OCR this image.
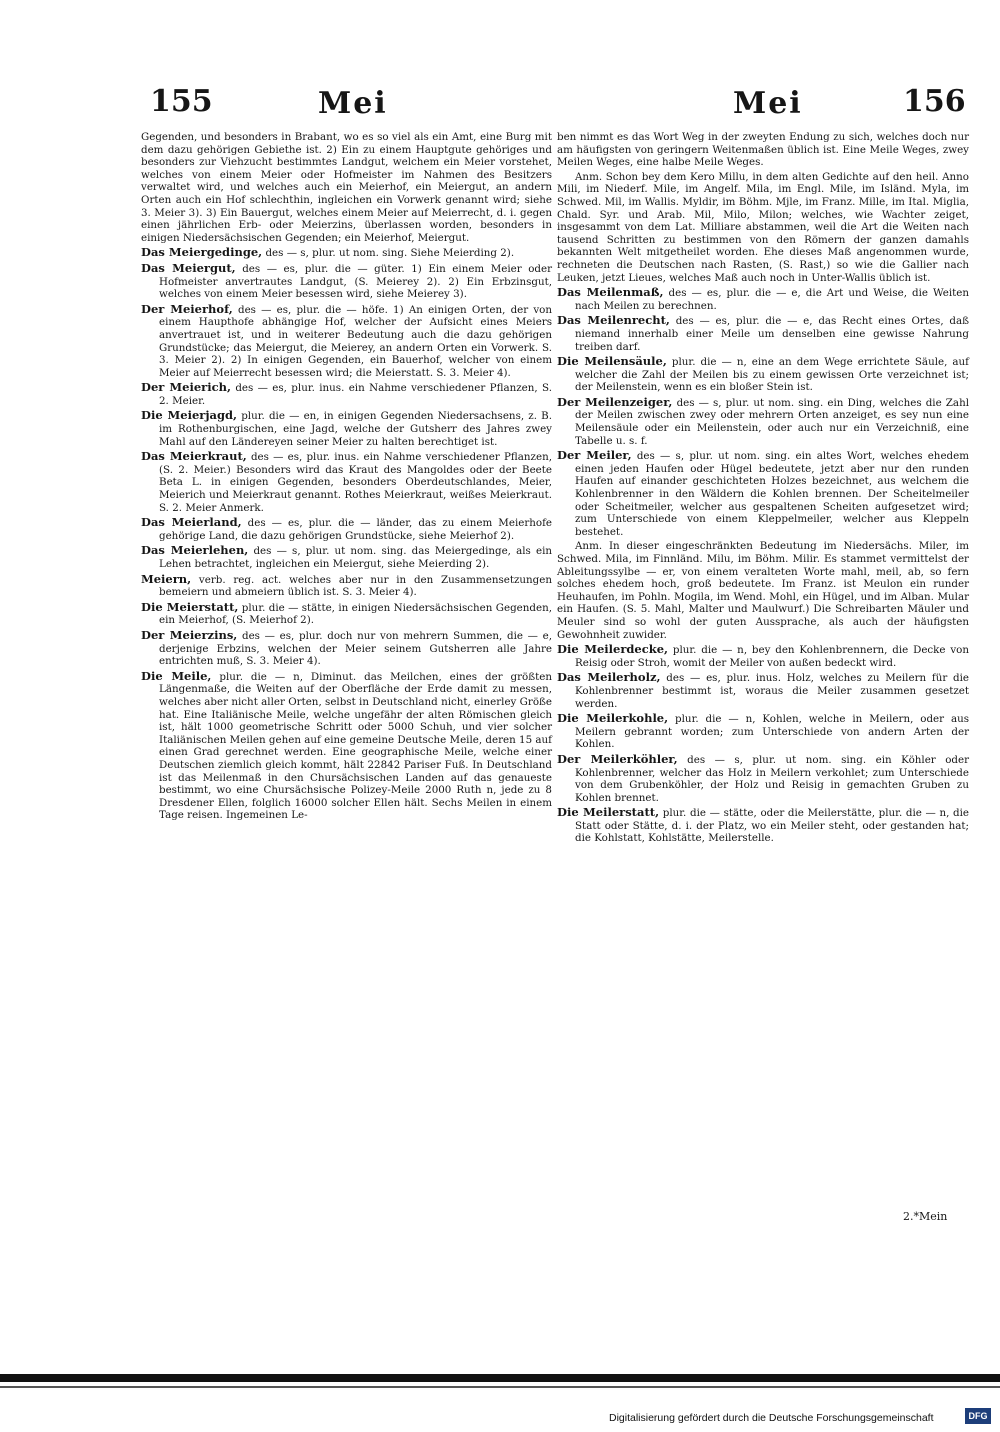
155	Mei	Mei	156

Gegenden, und besonders in Brabant, wo es so viel als ein Amt, eine Burg mit dem dazu gehörigen Gebiethe ist. 2) Ein zu einem Hauptgute gehöriges und besonders zur Viehzucht bestimmtes Landgut, welchem ein Meier vorstehet, welches von einem Meier oder Hofmeister im Nahmen des Besitzers verwaltet wird, und welches auch ein Meierhof, ein Meiergut, an andern Orten auch ein Hof schlechthin, ingleichen ein Vorwerk genannt wird; siehe 3. Meier 3). 3) Ein Bauergut, welches einem Meier auf Meierrecht, d. i. gegen einen jährlichen Erb- oder Meierzins, überlassen worden, besonders in einigen Niedersächsischen Gegenden; ein Meierhof, Meiergut.

Das Meiergedinge, des — s, plur. ut nom. sing. Siehe Meierding 2).

Das Meiergut, des — es, plur. die — güter. 1) Ein einem Meier oder Hofmeister anvertrautes Landgut, (S. Meierey 2). 2) Ein Erbzinsgut, welches von einem Meier besessen wird, siehe Meierey 3).

Der Meierhof, des — es, plur. die — höfe. 1) An einigen Orten, der von einem Haupthofe abhängige Hof, welcher der Aufsicht eines Meiers anvertrauet ist, und in weiterer Bedeutung auch die dazu gehörigen Grundstücke; das Meiergut, die Meierey, an andern Orten ein Vorwerk. S. 3. Meier 2). 2) In einigen Gegenden, ein Bauerhof, welcher von einem Meier auf Meierrecht besessen wird; die Meierstatt. S. 3. Meier 4).

Der Meierich, des — es, plur. inus. ein Nahme verschiedener Pflanzen, S. 2. Meier.

Die Meierjagd, plur. die — en, in einigen Gegenden Niedersachsens, z. B. im Rothenburgischen, eine Jagd, welche der Gutsherr des Jahres zwey Mahl auf den Ländereyen seiner Meier zu halten berechtiget ist.

Das Meierkraut, des — es, plur. inus. ein Nahme verschiedener Pflanzen, (S. 2. Meier.) Besonders wird das Kraut des Mangoldes oder der Beete Beta L. in einigen Gegenden, besonders Oberdeutschlandes, Meier, Meierich und Meierkraut genannt. Rothes Meierkraut, weißes Meierkraut. S. 2. Meier Anmerk.

Das Meierland, des — es, plur. die — länder, das zu einem Meierhofe gehörige Land, die dazu gehörigen Grundstücke, siehe Meierhof 2).

Das Meierlehen, des — s, plur. ut nom. sing. das Meiergedinge, als ein Lehen betrachtet, ingleichen ein Meiergut, siehe Meierding 2).

Meiern, verb. reg. act. welches aber nur in den Zusammensetzungen bemeiern und abmeiern üblich ist. S. 3. Meier 4).

Die Meierstatt, plur. die — stätte, in einigen Niedersächsischen Gegenden, ein Meierhof, (S. Meierhof 2).

Der Meierzins, des — es, plur. doch nur von mehrern Summen, die — e, derjenige Erbzins, welchen der Meier seinem Gutsherren alle Jahre entrichten muß, S. 3. Meier 4).

Die Meile, plur. die — n, Diminut. das Meilchen, eines der größten Längenmaße, die Weiten auf der Oberfläche der Erde damit zu messen, welches aber nicht aller Orten, selbst in Deutschland nicht, einerley Größe hat. Eine Italiänische Meile, welche ungefähr der alten Römischen gleich ist, hält 1000 geometrische Schritt oder 5000 Schuh, und vier solcher Italiänischen Meilen gehen auf eine gemeine Deutsche Meile, deren 15 auf einen Grad gerechnet werden. Eine geographische Meile, welche einer Deutschen ziemlich gleich kommt, hält 22842 Pariser Fuß. In Deutschland ist das Meilenmaß in den Chursächsischen Landen auf das genaueste bestimmt, wo eine Chursächsische Polizey-Meile 2000 Ruth n, jede zu 8 Dresdener Ellen, folglich 16000 solcher Ellen hält. Sechs Meilen in einem Tage reisen. Ingemeinen Le-

ben nimmt es das Wort Weg in der zweyten Endung zu sich, welches doch nur am häufigsten von geringern Weitenmaßen üblich ist. Eine Meile Weges, zwey Meilen Weges, eine halbe Meile Weges.

Anm. Schon bey dem Kero Millu, in dem alten Gedichte auf den heil. Anno Mili, im Niederf. Mile, im Angelf. Mila, im Engl. Mile, im Isländ. Myla, im Schwed. Mil, im Wallis. Myldir, im Böhm. Mjle, im Franz. Mille, im Ital. Miglia, Chald. Syr. und Arab. Mil, Milo, Milon; welches, wie Wachter zeiget, insgesammt von dem Lat. Milliare abstammen, weil die Art die Weiten nach tausend Schritten zu bestimmen von den Römern der ganzen damahls bekannten Welt mitgetheilet worden. Ehe dieses Maß angenommen wurde, rechneten die Deutschen nach Rasten, (S. Rast,) so wie die Gallier nach Leuken, jetzt Lieues, welches Maß auch noch in Unter-Wallis üblich ist.

Das Meilenmaß, des — es, plur. die — e, die Art und Weise, die Weiten nach Meilen zu berechnen.

Das Meilenrecht, des — es, plur. die — e, das Recht eines Ortes, daß niemand innerhalb einer Meile um denselben eine gewisse Nahrung treiben darf.

Die Meilensäule, plur. die — n, eine an dem Wege errichtete Säule, auf welcher die Zahl der Meilen bis zu einem gewissen Orte verzeichnet ist; der Meilenstein, wenn es ein bloßer Stein ist.

Der Meilenzeiger, des — s, plur. ut nom. sing. ein Ding, welches die Zahl der Meilen zwischen zwey oder mehrern Orten anzeiget, es sey nun eine Meilensäule oder ein Meilenstein, oder auch nur ein Verzeichniß, eine Tabelle u. s. f.

Der Meiler, des — s, plur. ut nom. sing. ein altes Wort, welches ehedem einen jeden Haufen oder Hügel bedeutete, jetzt aber nur den runden Haufen auf einander geschichteten Holzes bezeichnet, aus welchem die Kohlenbrenner in den Wäldern die Kohlen brennen. Der Scheitelmeiler oder Scheitmeiler, welcher aus gespaltenen Scheiten aufgesetzet wird; zum Unterschiede von einem Kleppelmeiler, welcher aus Kleppeln bestehet.

Anm. In dieser eingeschränkten Bedeutung im Niedersächs. Miler, im Schwed. Mila, im Finnländ. Milu, im Böhm. Milir. Es stammet vermittelst der Ableitungssylbe — er, von einem veralteten Worte mahl, meil, ab, so fern solches ehedem hoch, groß bedeutete. Im Franz. ist Meulon ein runder Heuhaufen, im Pohln. Mogila, im Wend. Mohl, ein Hügel, und im Alban. Mular ein Haufen. (S. 5. Mahl, Malter und Maulwurf.) Die Schreibarten Mäuler und Meuler sind so wohl der guten Aussprache, als auch der häufigsten Gewohnheit zuwider.

Die Meilerdecke, plur. die — n, bey den Kohlenbrennern, die Decke von Reisig oder Stroh, womit der Meiler von außen bedeckt wird.

Das Meilerholz, des — es, plur. inus. Holz, welches zu Meilern für die Kohlenbrenner bestimmt ist, woraus die Meiler zusammen gesetzet werden.

Die Meilerkohle, plur. die — n, Kohlen, welche in Meilern, oder aus Meilern gebrannt worden; zum Unterschiede von andern Arten der Kohlen.

Der Meilerköhler, des — s, plur. ut nom. sing. ein Köhler oder Kohlenbrenner, welcher das Holz in Meilern verkohlet; zum Unterschiede von dem Grubenköhler, der Holz und Reisig in gemachten Gruben zu Kohlen brennet.

Die Meilerstatt, plur. die — stätte, oder die Meilerstätte, plur. die — n, die Statt oder Stätte, d. i. der Platz, wo ein Meiler steht, oder gestanden hat; die Kohlstatt, Kohlstätte, Meilerstelle.

2.*Mein
Digitalisierung gefördert durch die Deutsche Forschungsgemeinschaft	DFG
